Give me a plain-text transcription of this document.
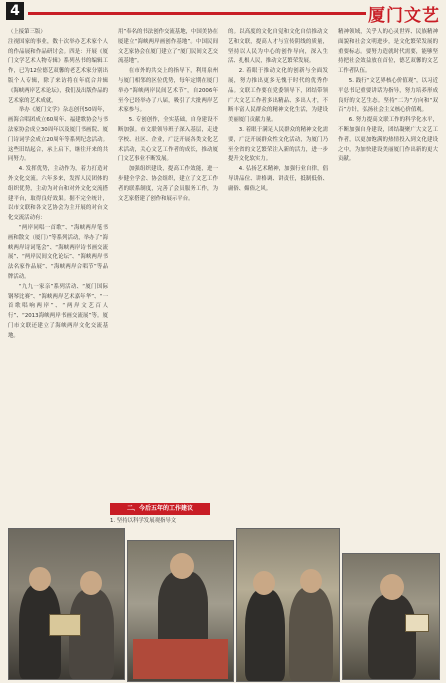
4	厦门文艺

（上接第三版）

注视国家的事业，数十次举办艺术家个人的作品展和作品研讨会。四是：开展《厦门文学艺术人物专辑》系列丛书的编辑工作，已为12位德艺双馨的老艺术家分别出版个人专辑，除了来访将在年底合并辑《海峡两岸艺术论坛》，我们及出版作品的艺术家的艺术成就，

举办《厦门文学》杂志创刊50周年，画海合唱团成立60周年、福建歌协会与书法家协会成立30周年以及厦门书画院、厦门诗词学会成立20周年等系列纪念活动。这些旧结起合，承上启下，继往开来的共同努力。

4. 发挥优势，主动作为，着力打造对外文化交流。六年多来，发挥人民团体的组织优势，主动为对台和对外文化交流搭建平台，取得良好效果。据不完全统计，以市文联和各文艺协会为主开展的对台文化交流活动有：

“两岸同唱一首歌”、“海峡两岸笔书画和散文（厦门）”等系列活动，举办了“海峡两岸诗词笔会”、“海峡两岸诗书画交流展”、“两岸民间文化论坛”、“海峡两岸书法名家作品展”、“海峡两岸合唱节”等品牌活动。

“九九一家亲”系列活动、“厦门国际钢琴比赛”、“海峡两岸艺术嘉年华”、“一首歌唱响两岸”、“两岸文艺百人行”、“2013海峡两岸书画交流展”等。厦门市文联还建立了海峡两岸文化交流基地。

用”奉名的书法创作交流基地，中国美协在厦建立“海峡两岸画创作基地”。中国民间文艺家协会在厦门建立了“厦门民间文艺交流基地”。

在市外的共交上的指导下，利用泉州与厦门相邻的区位优势，每年定期在厦门举办“海峡两岸民间艺术节”，自2006年至今已经举办了八届，吸引了大批两岸艺术家参与。

5. 专创创作，全实基础，自身建设不断加强。市文联领导班子深入基层，走进学校、社区、企业，广泛开展各类文化艺术活动，关心文艺工作者的成长，推动厦门文艺事业不断发展。

加强组织建设，提高工作效能，进一步健全学会、协会组织，建立了文艺工作者的联系制度，完善了会员服务工作，为文艺家搭建了创作和展示平台。

的。以高度的文化自觉和文化自信推动文艺和文联，提高人才与宣传阴线的质量，坚持以人民为中心的创作导向，深入生活、扎根人民，推动文艺繁荣发展。

2. 着眼于推动文化的创新与全面发展，努力推出更多无愧于时代的优秀作品。文联工作要在党委领导下，团结带领广大文艺工作者多出精品、多出人才，不断丰富人民群众的精神文化生活，为建设美丽厦门贡献力量。

3. 着眼于满足人民群众的精神文化需要，广泛开展群众性文化活动，为厦门乃至全省的文艺繁荣注入新的活力，进一步提升文化软实力。

4. 弘扬艺术精神，加强行业自律，倡导讲品位、讲格调、讲责任，抵制低俗、庸俗、媚俗之风。

精神领域，关乎人的心灵世界、民族精神面貌和社会文明进步，是文化繁荣发展的重要标志。要努力造就时代需要，能够坚持把社会效益放在首位，德艺双馨的文艺工作者队伍。

5. 践行“文艺界核心价值观”，以习近平总书记重要讲话为指导，努力培养形成良好的文艺生态。坚持“二为”方向和“双百”方针，弘扬社会主义核心价值观。

6. 努力提高文联工作的科学化水平，不断加强自身建设，团结凝聚广大文艺工作者，以更加饱满的热情投入到文化建设之中，为加快建设美丽厦门作出新的更大贡献。

二、今后五年的工作建议
1. 坚持以科学发展观指导文
